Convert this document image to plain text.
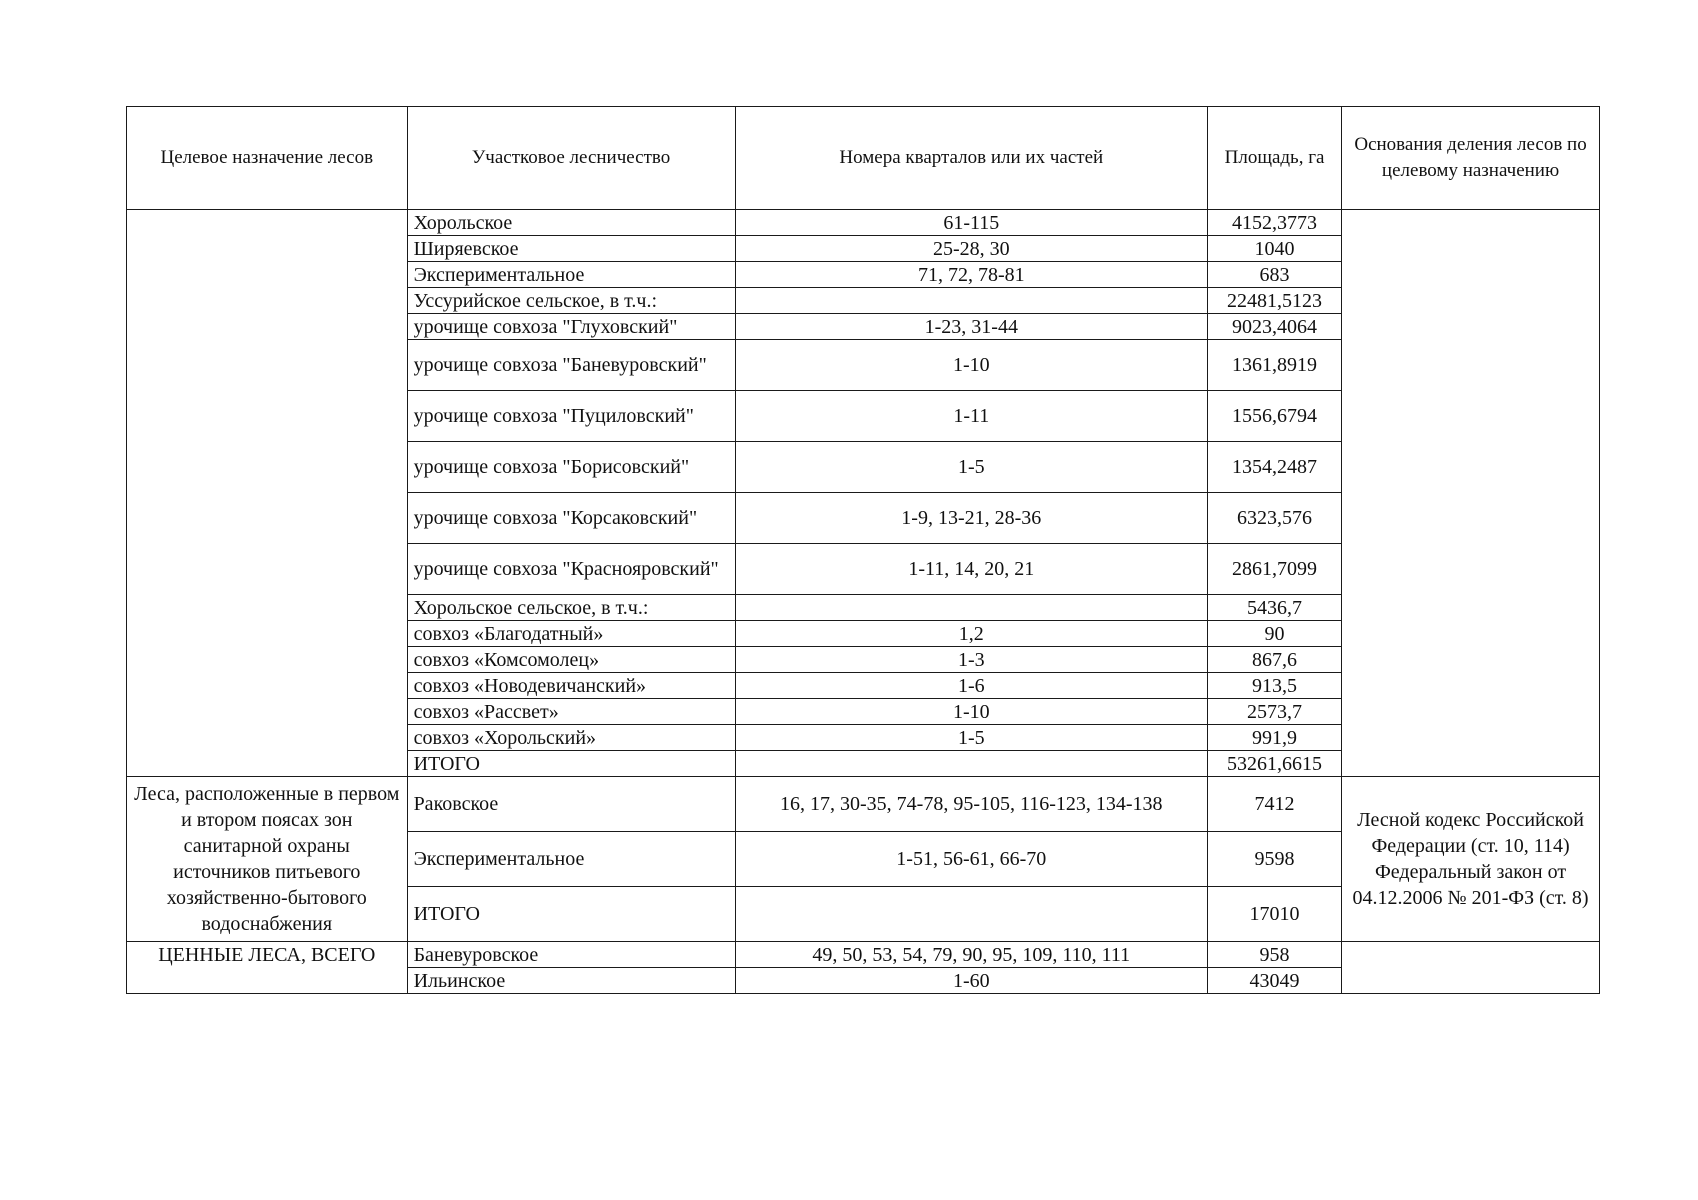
Целевое назначение лесов	Участковое лесничество	Номера кварталов или их частей	Площадь, га	Основания деления лесов по целевому назначению
	Хорольское	61-115	4152,3773	
	Ширяевское	25-28, 30	1040	
	Экспериментальное	71, 72, 78-81	683	
	Уссурийское сельское, в т.ч.:		22481,5123	
	урочище совхоза "Глуховский"	1-23, 31-44	9023,4064	
	урочище совхоза "Баневуровский"	1-10	1361,8919	
	урочище совхоза "Пуциловский"	1-11	1556,6794	
	урочище совхоза "Борисовский"	1-5	1354,2487	
	урочище совхоза "Корсаковский"	1-9, 13-21, 28-36	6323,576	
	урочище совхоза "Краснояровский"	1-11, 14, 20, 21	2861,7099	
	Хорольское сельское, в т.ч.:		5436,7	
	совхоз «Благодатный»	1,2	90	
	совхоз «Комсомолец»	1-3	867,6	
	совхоз «Новодевичанский»	1-6	913,5	
	совхоз «Рассвет»	1-10	2573,7	
	совхоз «Хорольский»	1-5	991,9	
	ИТОГО		53261,6615	
Леса, расположенные в первом и втором поясах зон санитарной охраны источников питьевого хозяйственно-бытового водоснабжения	Раковское	16, 17, 30-35, 74-78, 95-105, 116-123, 134-138	7412	Лесной кодекс Российской Федерации (ст. 10, 114) Федеральный закон от 04.12.2006 № 201-ФЗ (ст. 8)
	Экспериментальное	1-51, 56-61, 66-70	9598	
	ИТОГО		17010	
ЦЕННЫЕ ЛЕСА, ВСЕГО	Баневуровское	49, 50, 53, 54, 79, 90, 95, 109, 110, 111	958	
	Ильинское	1-60	43049	
